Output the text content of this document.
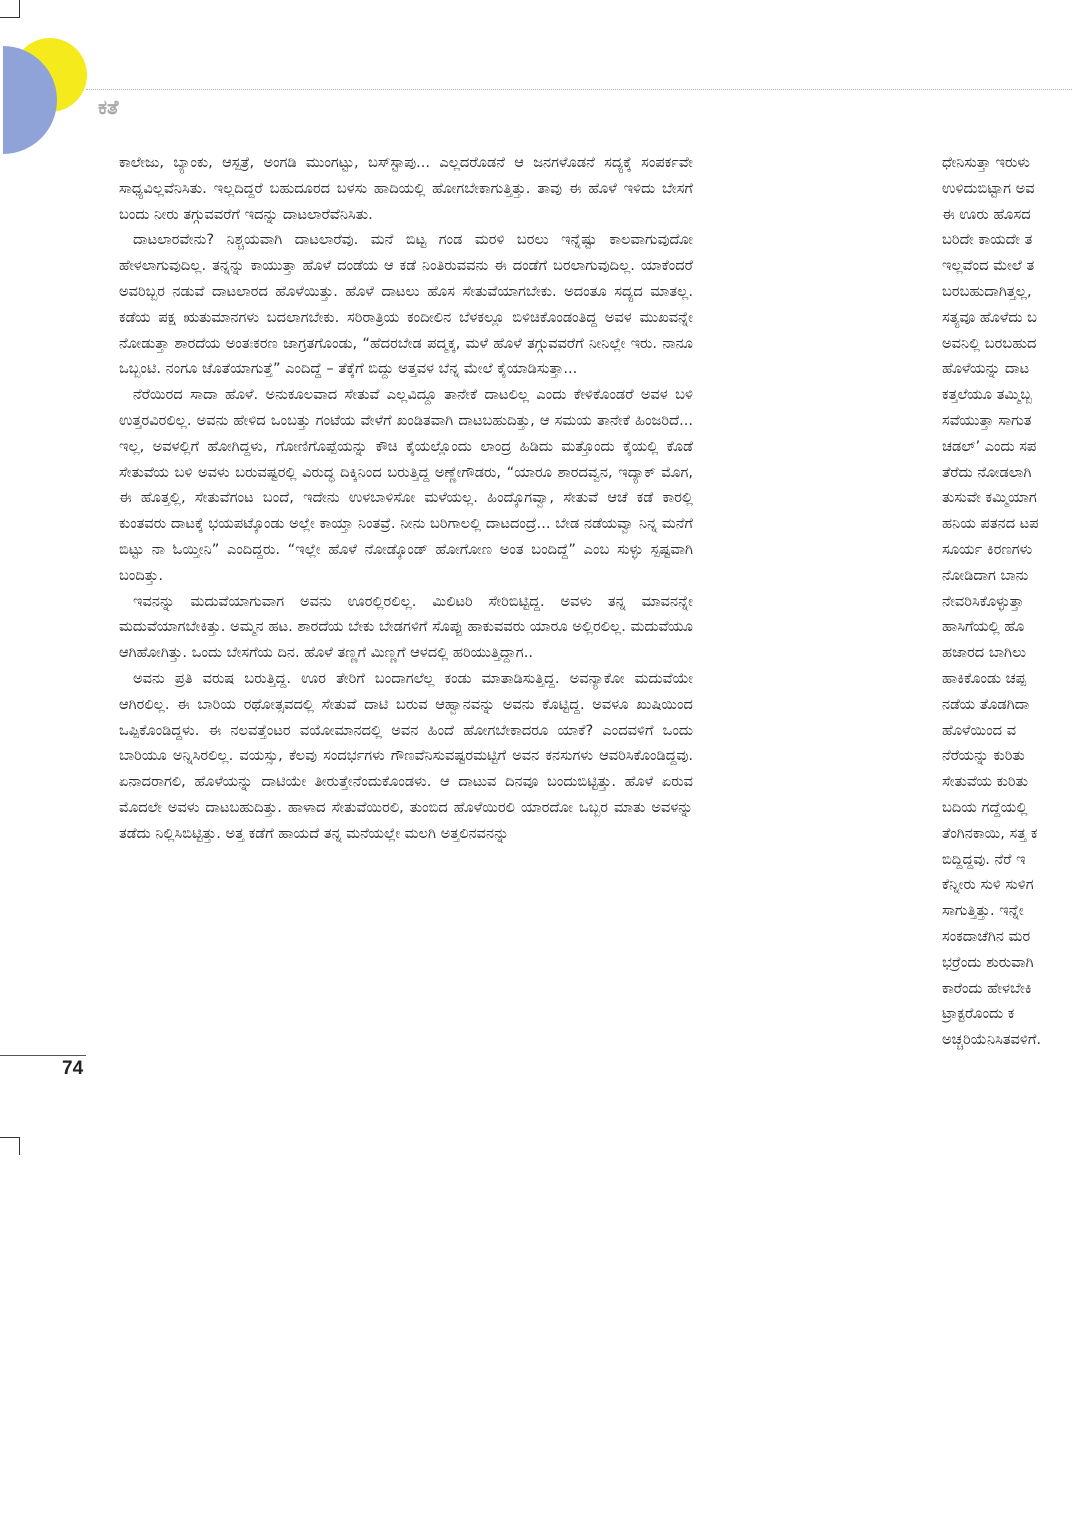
ಕತೆ

ಕಾಲೇಜು, ಬ್ಯಾಂಕು, ಆಸ್ಪತ್ರೆ, ಅಂಗಡಿ ಮುಂಗಟ್ಟು, ಬಸ್‌ಸ್ಟಾಪು... ಎಲ್ಲದರೊಡನೆ ಆ ಜನಗಳೊಡನೆ ಸದ್ಯಕ್ಕೆ ಸಂಪರ್ಕವೇ ಸಾಧ್ಯವಿಲ್ಲವೆನಿಸಿತು. ಇಲ್ಲದಿದ್ದರೆ ಬಹುದೂರದ ಬಳಸು ಹಾದಿಯಲ್ಲಿ ಹೋಗಬೇಕಾಗುತ್ತಿತ್ತು. ತಾವು ಈ ಹೊಳೆ ಇಳಿದು ಬೇಸಗೆ ಬಂದು ನೀರು ತಗ್ಗುವವರೆಗೆ ಇದನ್ನು ದಾಟಲಾರೆವೆನಿಸಿತು.

ದಾಟಲಾರವೇನು? ನಿಶ್ಚಯವಾಗಿ ದಾಟಲಾರೆವು. ಮನೆ ಬಿಟ್ಟ ಗಂಡ ಮರಳಿ ಬರಲು ಇನ್ನೆಷ್ಟು ಕಾಲವಾಗುವುದೋ ಹೇಳಲಾಗುವುದಿಲ್ಲ. ತನ್ನನ್ನು ಕಾಯುತ್ತಾ ಹೊಳೆ ದಂಡೆಯ ಆ ಕಡೆ ನಿಂತಿರುವವನು ಈ ದಂಡೆಗೆ ಬರಲಾಗುವುದಿಲ್ಲ. ಯಾಕೆಂದರೆ ಅವರಿಬ್ಬರ ನಡುವೆ ದಾಟಲಾರದ ಹೊಳೆಯಿತ್ತು. ಹೊಳೆ ದಾಟಲು ಹೊಸ ಸೇತುವೆಯಾಗಬೇಕು. ಅದಂತೂ ಸದ್ಯದ ಮಾತಲ್ಲ. ಕಡೆಯ ಪಕ್ಷ ಋತುಮಾನಗಳು ಬದಲಾಗಬೇಕು. ಸರಿರಾತ್ರಿಯ ಕಂದೀಲಿನ ಬೆಳಕಲ್ಲೂ ಬಿಳಿಚಿಕೊಂಡಂತಿದ್ದ ಅವಳ ಮುಖವನ್ನೇ ನೋಡುತ್ತಾ ಶಾರದೆಯ ಅಂತಃಕರಣ ಜಾಗ್ರತಗೊಂಡು, “ಹೆದರಬೇಡ ಪದ್ಮಕ್ಕ, ಮಳೆ ಹೊಳೆ ತಗ್ಗುವವರೆಗೆ ನೀನಿಲ್ಲೇ ಇರು. ನಾನೂ ಒಬ್ಬಂಟಿ. ನಂಗೂ ಜೊತೆಯಾಗುತ್ತೆ” ಎಂದಿದ್ದೆ – ತೆಕ್ಕೆಗೆ ಬಿದ್ದು ಅತ್ತವಳ ಬೆನ್ನ ಮೇಲೆ ಕೈಯಾಡಿಸುತ್ತಾ...

ನೆರೆಯಿರದ ಸಾದಾ ಹೊಳೆ. ಅನುಕೂಲವಾದ ಸೇತುವೆ ಎಲ್ಲವಿದ್ದೂ ತಾನೇಕೆ ದಾಟಲಿಲ್ಲ ಎಂದು ಕೇಳಿಕೊಂಡರೆ ಅವಳ ಬಳಿ ಉತ್ತರವಿರಲಿಲ್ಲ. ಅವನು ಹೇಳಿದ ಒಂಬತ್ತು ಗಂಟೆಯ ವೇಳೆಗೆ ಖಂಡಿತವಾಗಿ ದಾಟಬಹುದಿತ್ತು, ಆ ಸಮಯ ತಾನೇಕೆ ಹಿಂಜರಿದೆ... ಇಲ್ಲ, ಅವಳಲ್ಲಿಗೆ ಹೋಗಿದ್ದಳು, ಗೋಣಿಗೊಪ್ಪೆಯನ್ನು ಕೌಚಿ ಕೈಯಲ್ಲೊಂದು ಲಾಂದ್ರ ಹಿಡಿದು ಮತ್ತೊಂದು ಕೈಯಲ್ಲಿ ಕೊಡೆ ಸೇತುವೆಯ ಬಳಿ ಅವಳು ಬರುವಷ್ಟರಲ್ಲಿ ವಿರುದ್ಧ ದಿಕ್ಕಿನಿಂದ ಬರುತ್ತಿದ್ದ ಅಣ್ಣೇಗೌಡರು, “ಯಾರೂ ಶಾರದವ್ವನ, ಇದ್ಯಾಕ್ ಮೊಗ, ಈ ಹೊತ್ತಲ್ಲಿ, ಸೇತುವೆಗಂಟ ಬಂದೆ, ಇದೇನು ಉಳಬಾಳಿಸೋ ಮಳೆಯಲ್ಲ. ಹಿಂದ್ಕೊಗವ್ವಾ, ಸೇತುವೆ ಆಚೆ ಕಡೆ ಕಾರಲ್ಲಿ ಕುಂತವರು ದಾಟಕ್ಕೆ ಭಯಪಟ್ಕೊಂಡು ಅಲ್ಲೇ ಕಾಯ್ತಾ ನಿಂತವ್ರೆ. ನೀನು ಬರಿಗಾಲಲ್ಲಿ ದಾಟದಂದ್ರೆ... ಬೇಡ ನಡೆಯವ್ವಾ ನಿನ್ನ ಮನೆಗೆ ಬಿಟ್ಟು ನಾ ಓಯ್ತೀನಿ” ಎಂದಿದ್ದರು. “ಇಲ್ಲೇ ಹೊಳೆ ನೋಡ್ಕೊಂಡ್ ಹೋಗೋಣ ಅಂತ ಬಂದಿದ್ದೆ” ಎಂಬ ಸುಳ್ಳು ಸ್ಪಷ್ಟವಾಗಿ ಬಂದಿತ್ತು.

ಇವನನ್ನು ಮದುವೆಯಾಗುವಾಗ ಅವನು ಊರಲ್ಲಿರಲಿಲ್ಲ. ಮಿಲಿಟರಿ ಸೇರಿಬಿಟ್ಟಿದ್ದ. ಅವಳು ತನ್ನ ಮಾವನನ್ನೇ ಮದುವೆಯಾಗಬೇಕಿತ್ತು. ಅಮ್ಮನ ಹಟ. ಶಾರದೆಯ ಬೇಕು ಬೇಡಗಳಿಗೆ ಸೊಪ್ಪು ಹಾಕುವವರು ಯಾರೂ ಅಲ್ಲಿರಲಿಲ್ಲ. ಮದುವೆಯೂ ಆಗಿಹೋಗಿತ್ತು. ಒಂದು ಬೇಸಗೆಯ ದಿನ. ಹೊಳೆ ತಣ್ಣಗೆ ಮಿಣ್ಣಗೆ ಆಳದಲ್ಲಿ ಹರಿಯುತ್ತಿದ್ದಾಗ..

ಅವನು ಪ್ರತಿ ವರುಷ ಬರುತ್ತಿದ್ದ. ಊರ ತೇರಿಗೆ ಬಂದಾಗಲೆಲ್ಲ ಕಂಡು ಮಾತಾಡಿಸುತ್ತಿದ್ದ. ಅವನ್ಯಾಕೋ ಮದುವೆಯೇ ಆಗಿರಲಿಲ್ಲ. ಈ ಬಾರಿಯ ರಥೋತ್ಸವದಲ್ಲಿ ಸೇತುವೆ ದಾಟಿ ಬರುವ ಆಹ್ವಾನವನ್ನು ಅವನು ಕೊಟ್ಟಿದ್ದ. ಅವಳೂ ಖುಷಿಯಿಂದ ಒಪ್ಪಿಕೊಂಡಿದ್ದಳು. ಈ ನಲವತ್ತೆಂಟರ ವಯೋಮಾನದಲ್ಲಿ ಅವನ ಹಿಂದೆ ಹೋಗಬೇಕಾದರೂ ಯಾಕೆ? ಎಂದವಳಿಗೆ ಒಂದು ಬಾರಿಯೂ ಅನ್ನಿಸಿರಲಿಲ್ಲ. ವಯಸ್ಸು, ಕೆಲವು ಸಂದರ್ಭಗಳು ಗೌಣವೆನಿಸುವಷ್ಟರಮಟ್ಟಿಗೆ ಅವನ ಕನಸುಗಳು ಆವರಿಸಿಕೊಂಡಿದ್ದವು. ಏನಾದರಾಗಲಿ, ಹೊಳೆಯನ್ನು ದಾಟಿಯೇ ತೀರುತ್ತೇನೆಂದುಕೊಂಡಳು. ಆ ದಾಟುವ ದಿನವೂ ಬಂದುಬಿಟ್ಟಿತ್ತು. ಹೊಳೆ ಏರುವ ಮೊದಲೇ ಅವಳು ದಾಟಬಹುದಿತ್ತು. ಹಾಳಾದ ಸೇತುವೆಯಿರಲಿ, ತುಂಬಿದ ಹೊಳೆಯಿರಲಿ ಯಾರದೋ ಒಬ್ಬರ ಮಾತು ಅವಳನ್ನು ತಡೆದು ನಿಲ್ಲಿಸಿಬಿಟ್ಟಿತ್ತು. ಅತ್ತ ಕಡೆಗೆ ಹಾಯದೆ ತನ್ನ ಮನೆಯಲ್ಲೇ ಮಲಗಿ ಅತ್ತಲಿನವನನ್ನು

ಧೇನಿಸುತ್ತಾ ಇರುಳು
ಉಳಿದುಬಿಟ್ಟಾಗ ಅವ
ಈ ಊರು ಹೊಸದ
ಬರಿದೇ ಕಾಯದೇ ತ
ಇಲ್ಲವೆಂದ ಮೇಲೆ ತ
ಬರಬಹುದಾಗಿತ್ತಲ್ಲ,
ಸತ್ಯವೂ ಹೊಳೆದು ಬ
ಅವನಿಲ್ಲಿ ಬರಬಹುದ
ಹೊಳೆಯನ್ನು ದಾಟ
ಕತ್ತಲೆಯೂ ತಮ್ಮಿಬ್ಬ
ಸವೆಯುತ್ತಾ ಸಾಗುತ
ಚಡಲ್’ ಎಂದು ಸಪ
ತೆರೆದು ನೋಡಲಾಗಿ
ತುಸುವೇ ಕಮ್ಮಿಯಾಗ
ಹನಿಯ ಪತನದ ಟಪ
ಸೂರ್ಯ ಕಿರಣಗಳು
ನೋಡಿದಾಗ ಬಾನು
ನೇವರಿಸಿಕೊಳ್ಳುತ್ತಾ
ಹಾಸಿಗೆಯಲ್ಲಿ ಹೊ
ಹಜಾರದ ಬಾಗಿಲು
ಹಾಕಿಕೊಂಡು ಚಪ್ಪ
ನಡೆಯ ತೊಡಗಿದಾ
ಹೊಳೆಯಿಂದ ವ
ನೆರೆಯನ್ನು ಕುರಿತು
ಸೇತುವೆಯ ಕುರಿತು
ಬದಿಯ ಗದ್ದೆಯಲ್ಲಿ
ತೆಂಗಿನಕಾಯಿ, ಸತ್ತ ಕ
ಬಿದ್ದಿದ್ದವು. ನೆರೆ ಇ
ಕೆನ್ನೀರು ಸುಳಿ ಸುಳಿಗ
ಸಾಗುತ್ತಿತ್ತು. ಇನ್ನೇ
ಸಂಕದಾಚೆಗಿನ ಮರ
ಭರ್‍ರೆಂದು ಶುರುವಾಗಿ
ಕಾರೆಂದು ಹೇಳಬೇಕಿ
ಟ್ರಾಕ್ಟರೊಂದು ಕ
ಅಚ್ಚರಿಯೆನಿಸಿತವಳಿಗೆ.
74
